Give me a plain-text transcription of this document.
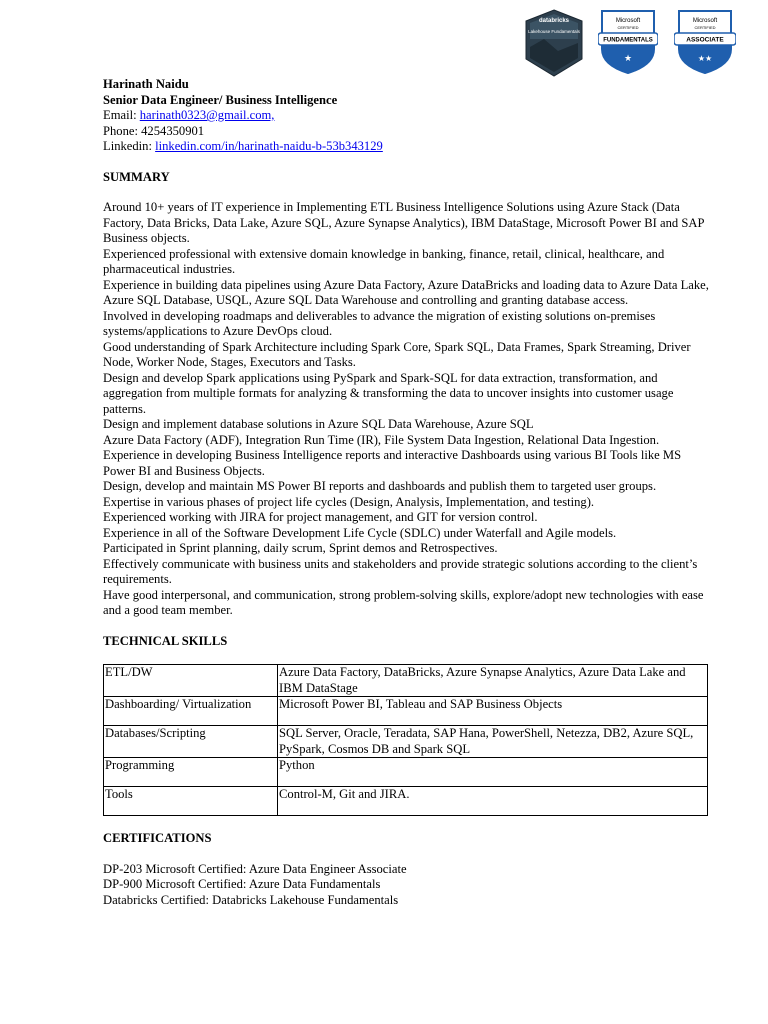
databricks
Lakehouse Fundamentals
Microsoft
CERTIFIED
FUNDAMENTALS
★
Microsoft
CERTIFIED
ASSOCIATE
★★
Harinath Naidu
Senior Data Engineer/ Business Intelligence
Email: harinath0323@gmail.com,
Phone: 4254350901
Linkedin: linkedin.com/in/harinath-naidu-b-53b343129
SUMMARY

Around 10+ years of IT experience in Implementing ETL Business Intelligence Solutions using Azure Stack (Data Factory, Data Bricks, Data Lake, Azure SQL, Azure Synapse Analytics), IBM DataStage, Microsoft Power BI and SAP Business objects.

Experienced professional with extensive domain knowledge in banking, finance, retail, clinical, healthcare, and pharmaceutical industries.

Experience in building data pipelines using Azure Data Factory, Azure DataBricks and loading data to Azure Data Lake, Azure SQL Database, USQL, Azure SQL Data Warehouse and controlling and granting database access.

Involved in developing roadmaps and deliverables to advance the migration of existing solutions on-premises systems/applications to Azure DevOps cloud.

Good understanding of Spark Architecture including Spark Core, Spark SQL, Data Frames, Spark Streaming, Driver Node, Worker Node, Stages, Executors and Tasks.

Design and develop Spark applications using PySpark and Spark-SQL for data extraction, transformation, and aggregation from multiple formats for analyzing & transforming the data to uncover insights into customer usage patterns.

Design and implement database solutions in Azure SQL Data Warehouse, Azure SQL

Azure Data Factory (ADF), Integration Run Time (IR), File System Data Ingestion, Relational Data Ingestion.

Experience in developing Business Intelligence reports and interactive Dashboards using various BI Tools like MS Power BI and Business Objects.

Design, develop and maintain MS Power BI reports and dashboards and publish them to targeted user groups.

Expertise in various phases of project life cycles (Design, Analysis, Implementation, and testing).

Experienced working with JIRA for project management, and GIT for version control.

Experience in all of the Software Development Life Cycle (SDLC) under Waterfall and Agile models.

Participated in Sprint planning, daily scrum, Sprint demos and Retrospectives.

Effectively communicate with business units and stakeholders and provide strategic solutions according to the client’s requirements.

Have good interpersonal, and communication, strong problem-solving skills, explore/adopt new technologies with ease and a good team member.

TECHNICAL SKILLS
ETL/DW	Azure Data Factory, DataBricks, Azure Synapse Analytics, Azure Data Lake and IBM DataStage
Dashboarding/ Virtualization	Microsoft Power BI, Tableau and SAP Business Objects
Databases/Scripting	SQL Server, Oracle, Teradata, SAP Hana, PowerShell, Netezza, DB2, Azure SQL, PySpark, Cosmos DB and Spark SQL
Programming	Python
Tools	Control-M, Git and JIRA.
CERTIFICATIONS
DP-203 Microsoft Certified: Azure Data Engineer Associate
DP-900 Microsoft Certified: Azure Data Fundamentals
Databricks Certified: Databricks Lakehouse Fundamentals
